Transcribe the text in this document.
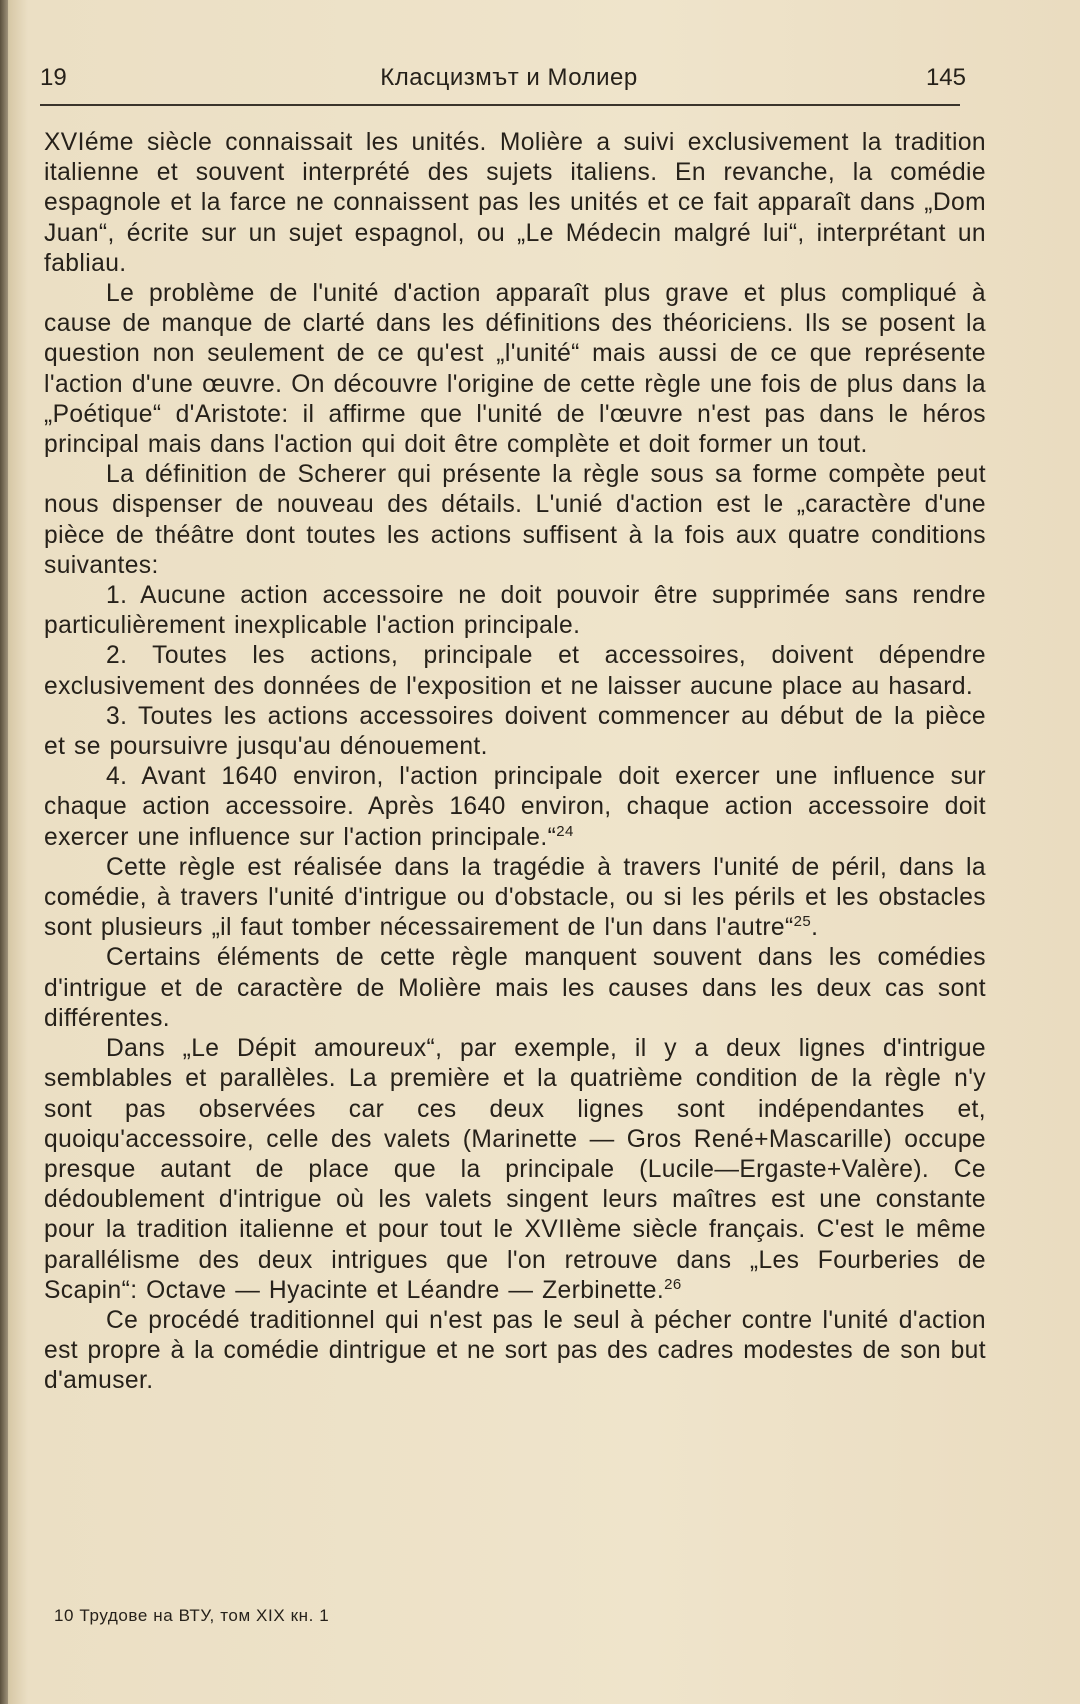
19	Класцизмът и Молиер	145

XVIéme siècle connaissait les unités. Molière a suivi exclusivement la tradition italienne et souvent interprété des sujets italiens. En revanche, la comédie espagnole et la farce ne connaissent pas les unités et ce fait apparaît dans „Dom Juan“, écrite sur un sujet espagnol, ou „Le Médecin malgré lui“, interprétant un fabliau.

Le problème de l'unité d'action apparaît plus grave et plus compliqué à cause de manque de clarté dans les définitions des théoriciens. Ils se posent la question non seulement de ce qu'est „l'unité“ mais aussi de ce que représente l'action d'une œuvre. On découvre l'origine de cette règle une fois de plus dans la „Poétique“ d'Aristote: il affirme que l'unité de l'œuvre n'est pas dans le héros principal mais dans l'action qui doit être complète et doit former un tout.

La définition de Scherer qui présente la règle sous sa forme compète peut nous dispenser de nouveau des détails. L'unié d'action est le „caractère d'une pièce de théâtre dont toutes les actions suffisent à la fois aux quatre conditions suivantes:

1. Aucune action accessoire ne doit pouvoir être supprimée sans rendre particulièrement inexplicable l'action principale.

2. Toutes les actions, principale et accessoires, doivent dépendre exclusivement des données de l'exposition et ne laisser aucune place au hasard.

3. Toutes les actions accessoires doivent commencer au début de la pièce et se poursuivre jusqu'au dénouement.

4. Avant 1640 environ, l'action principale doit exercer une influence sur chaque action accessoire. Après 1640 environ, chaque action accessoire doit exercer une influence sur l'action principale.“$^{24}$

Cette règle est réalisée dans la tragédie à travers l'unité de péril, dans la comédie, à travers l'unité d'intrigue ou d'obstacle, ou si les périls et les obstacles sont plusieurs „il faut tomber nécessairement de l'un dans l'autre“$^{25}$.

Certains éléments de cette règle manquent souvent dans les comédies d'intrigue et de caractère de Molière mais les causes dans les deux cas sont différentes.

Dans „Le Dépit amoureux“, par exemple, il y a deux lignes d'intrigue semblables et parallèles. La première et la quatrième condition de la règle n'y sont pas observées car ces deux lignes sont indépendantes et, quoiqu'accessoire, celle des valets (Marinette — Gros René+Mascarille) occupe presque autant de place que la principale (Lucile—Ergaste+Valère). Ce dédoublement d'intrigue où les valets singent leurs maîtres est une constante pour la tradition italienne et pour tout le XVIIème siècle français. C'est le même parallélisme des deux intrigues que l'on retrouve dans „Les Fourberies de Scapin“: Octave — Hyacinte et Léandre — Zerbinette.$^{26}$

Ce procédé traditionnel qui n'est pas le seul à pécher contre l'unité d'action est propre à la comédie dintrigue et ne sort pas des cadres modestes de son but d'amuser.

10 Трудове на ВТУ, том XIX кн. 1
